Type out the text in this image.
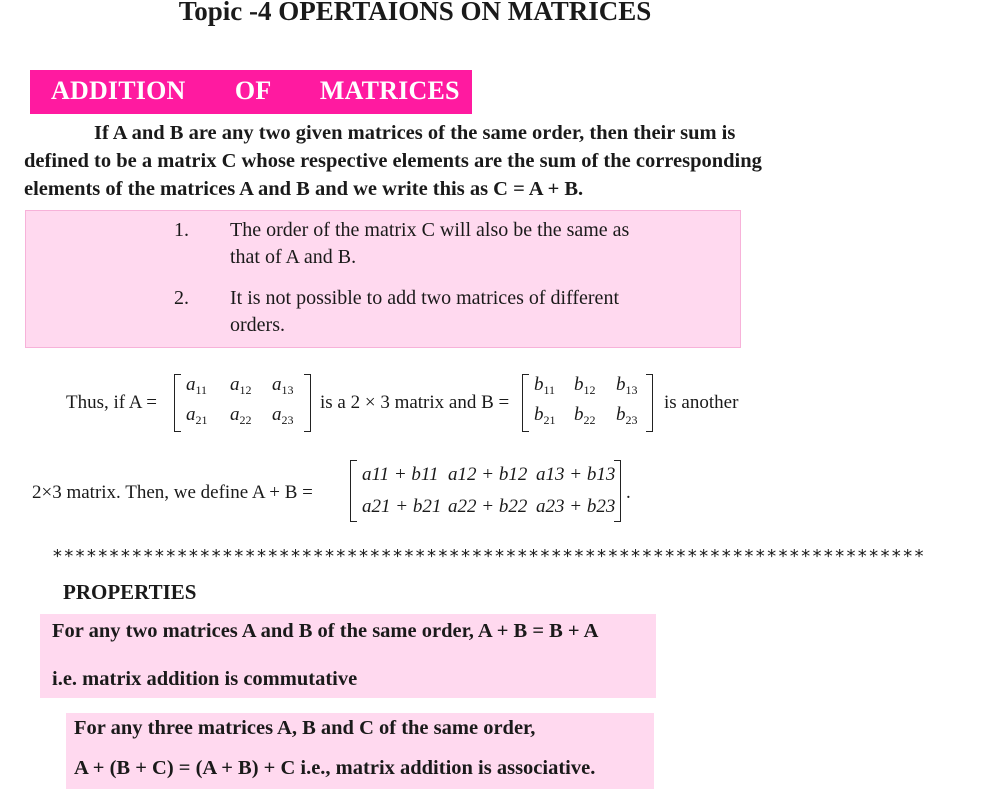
Topic -4 OPERTAIONS ON MATRICES
ADDITION  OF  MATRICES

If A and B are any two given matrices of the same order, then their sum is

defined to be a matrix C whose respective elements are the sum of the corresponding

elements of the matrices A and B and we write this as C = A + B.

1. The order of the matrix C will also be the same as
that of A and B.
2. It is not possible to add two matrices of different
orders.
Thus, if A =
$a_{11}$ $a_{12}$ $a_{13}$
$a_{21}$ $a_{22}$ $a_{23}$
is a 2 × 3 matrix and B =
$b_{11}$ $b_{12}$ $b_{13}$
$b_{21}$ $b_{22}$ $b_{23}$
is another
2×3 matrix. Then, we define A + B =
a11 + b11 a12 + b12 a13 + b13
a21 + b21 a22 + b22 a23 + b23
.
*****************************************************************************
PROPERTIES
For any two matrices A and B of the same order, A + B = B + A
i.e. matrix addition is commutative
For any three matrices A, B and C of the same order,
A + (B + C) = (A + B) + C i.e., matrix addition is associative.
